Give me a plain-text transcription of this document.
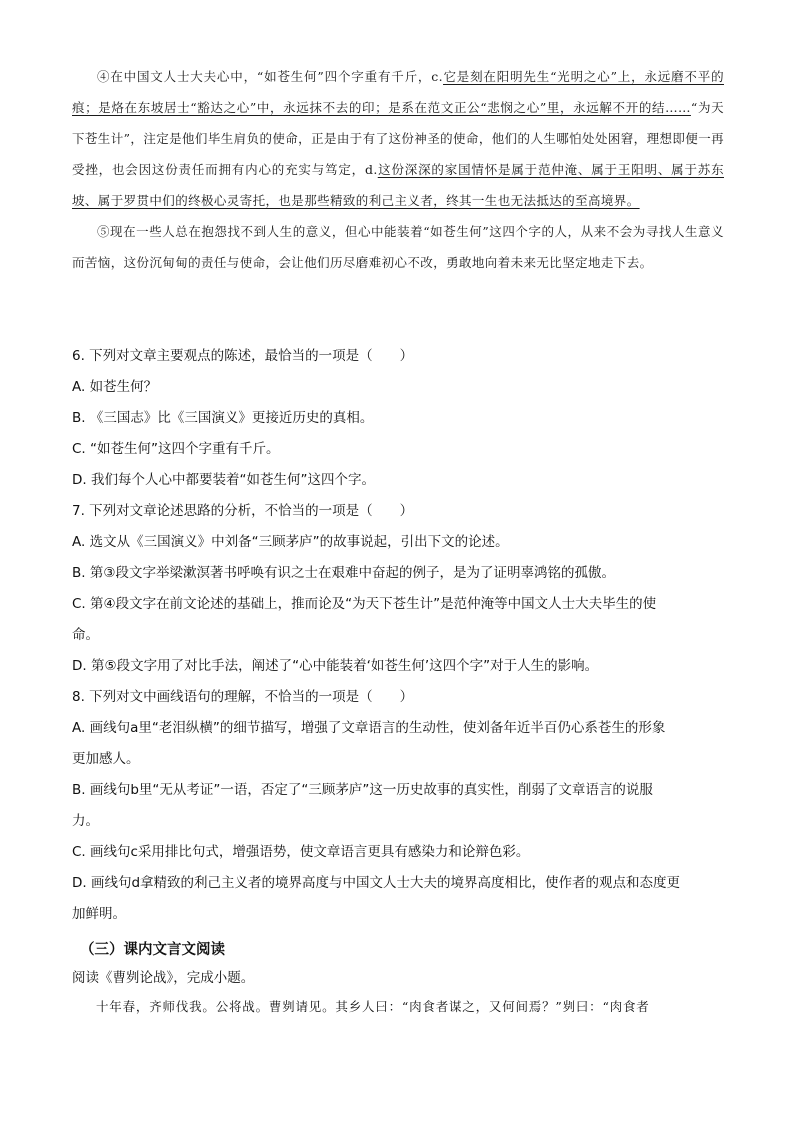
④在中国文人士大夫心中，“如苍生何”四个字重有千斤，c.它是刻在阳明先生“光明之心”上，永远磨不平的痕；是烙在东坡居士“豁达之心”中，永远抹不去的印；是系在范文正公“悲悯之心”里，永远解不开的结……“为天下苍生计”，注定是他们毕生肩负的使命，正是由于有了这份神圣的使命，他们的人生哪怕处处困窘，理想即便一再受挫，也会因这份责任而拥有内心的充实与笃定，d.这份深深的家国情怀是属于范仲淹、属于王阳明、属于苏东坡、属于罗贯中们的终极心灵寄托，也是那些精致的利己主义者，终其一生也无法抵达的至高境界。

⑤现在一些人总在抱怨找不到人生的意义，但心中能装着“如苍生何”这四个字的人，从来不会为寻找人生意义而苦恼，这份沉甸甸的责任与使命，会让他们历尽磨难初心不改，勇敢地向着未来无比坚定地走下去。

6. 下列对文章主要观点的陈述，最恰当的一项是（　　）
A. 如苍生何？
B. 《三国志》比《三国演义》更接近历史的真相。
C. “如苍生何”这四个字重有千斤。
D. 我们每个人心中都要装着“如苍生何”这四个字。
7. 下列对文章论述思路的分析，不恰当的一项是（　　）
A. 选文从《三国演义》中刘备“三顾茅庐”的故事说起，引出下文的论述。
B. 第③段文字举梁漱溟著书呼唤有识之士在艰难中奋起的例子，是为了证明辜鸿铭的孤傲。
C. 第④段文字在前文论述的基础上，推而论及“为天下苍生计”是范仲淹等中国文人士大夫毕生的使
命。
D. 第⑤段文字用了对比手法，阐述了“心中能装着‘如苍生何’这四个字”对于人生的影响。
8. 下列对文中画线语句的理解，不恰当的一项是（　　）
A. 画线句a里“老泪纵横”的细节描写，增强了文章语言的生动性，使刘备年近半百仍心系苍生的形象
更加感人。
B. 画线句b里“无从考证”一语，否定了“三顾茅庐”这一历史故事的真实性，削弱了文章语言的说服
力。
C. 画线句c采用排比句式，增强语势，使文章语言更具有感染力和论辩色彩。
D. 画线句d拿精致的利己主义者的境界高度与中国文人士大夫的境界高度相比，使作者的观点和态度更
加鲜明。
（三）课内文言文阅读
阅读《曹刿论战》，完成小题。
十年春，齐师伐我。公将战。曹刿请见。其乡人曰：“肉食者谋之，又何间焉？”刿曰：“肉食者
